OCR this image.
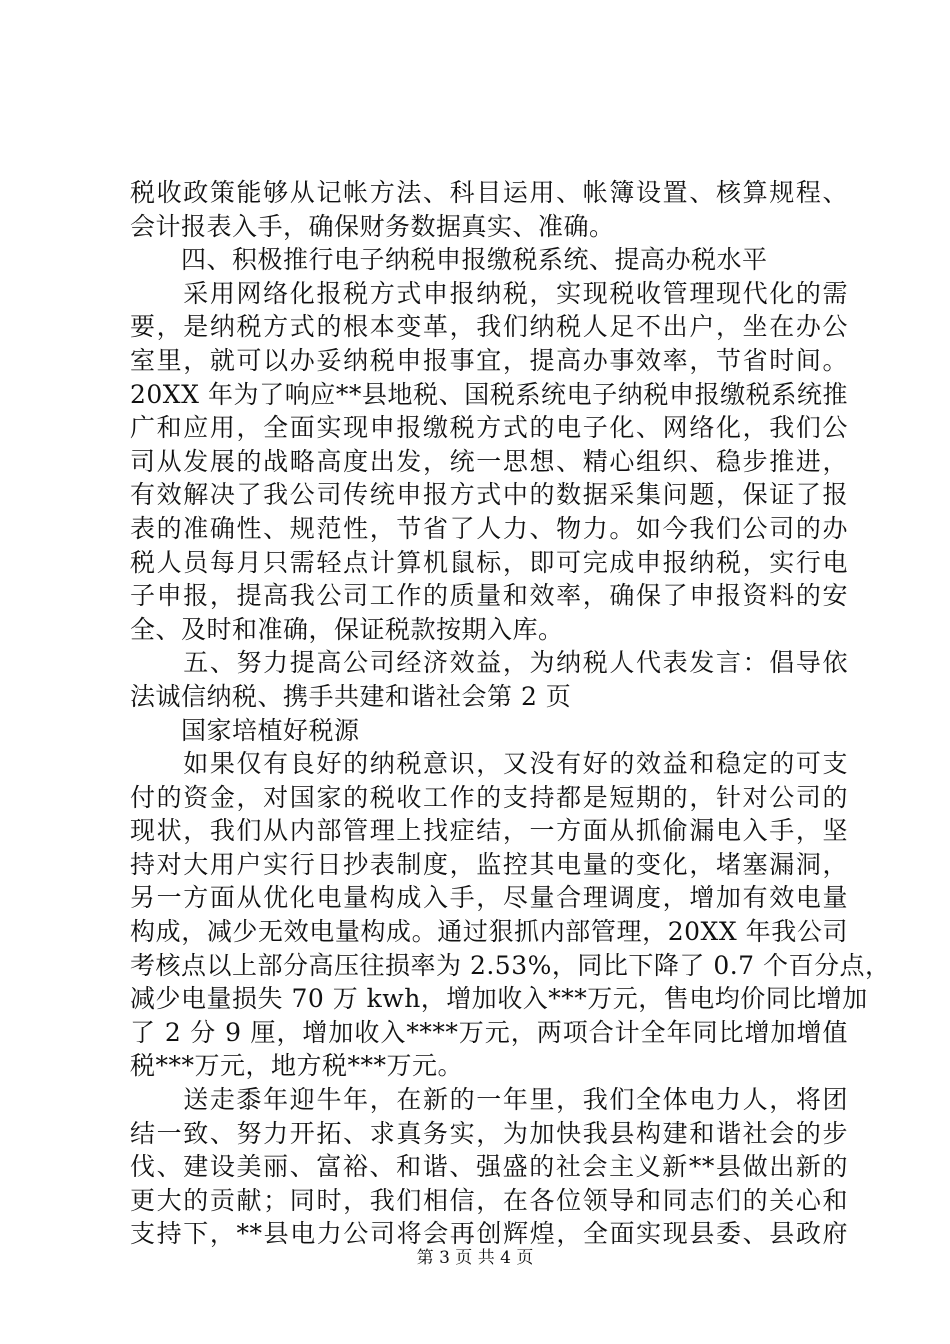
税收政策能够从记帐方法、科目运用、帐簿设置、核算规程、
会计报表入手，确保财务数据真实、准确。
　　四、积极推行电子纳税申报缴税系统、提高办税水平
　　采用网络化报税方式申报纳税，实现税收管理现代化的需
要，是纳税方式的根本变革，我们纳税人足不出户，坐在办公
室里，就可以办妥纳税申报事宜，提高办事效率，节省时间。
20XX 年为了响应**县地税、国税系统电子纳税申报缴税系统推
广和应用，全面实现申报缴税方式的电子化、网络化，我们公
司从发展的战略高度出发，统一思想、精心组织、稳步推进，
有效解决了我公司传统申报方式中的数据采集问题，保证了报
表的准确性、规范性，节省了人力、物力。如今我们公司的办
税人员每月只需轻点计算机鼠标，即可完成申报纳税，实行电
子申报，提高我公司工作的质量和效率，确保了申报资料的安
全、及时和准确，保证税款按期入库。
　　五、努力提高公司经济效益，为纳税人代表发言：倡导依
法诚信纳税、携手共建和谐社会第 2 页
　　国家培植好税源
　　如果仅有良好的纳税意识，又没有好的效益和稳定的可支
付的资金，对国家的税收工作的支持都是短期的，针对公司的
现状，我们从内部管理上找症结，一方面从抓偷漏电入手，坚
持对大用户实行日抄表制度，监控其电量的变化，堵塞漏洞，
另一方面从优化电量构成入手，尽量合理调度，增加有效电量
构成，减少无效电量构成。通过狠抓内部管理，20XX 年我公司
考核点以上部分高压往损率为 2.53%，同比下降了 0.7 个百分点，
减少电量损失 70 万 kwh，增加收入***万元，售电均价同比增加
了 2 分 9 厘，增加收入****万元，两项合计全年同比增加增值
税***万元，地方税***万元。
　　送走黍年迎牛年，在新的一年里，我们全体电力人，将团
结一致、努力开拓、求真务实，为加快我县构建和谐社会的步
伐、建设美丽、富裕、和谐、强盛的社会主义新**县做出新的
更大的贡献；同时，我们相信，在各位领导和同志们的关心和
支持下，**县电力公司将会再创辉煌，全面实现县委、县政府
第 3 页 共 4 页
